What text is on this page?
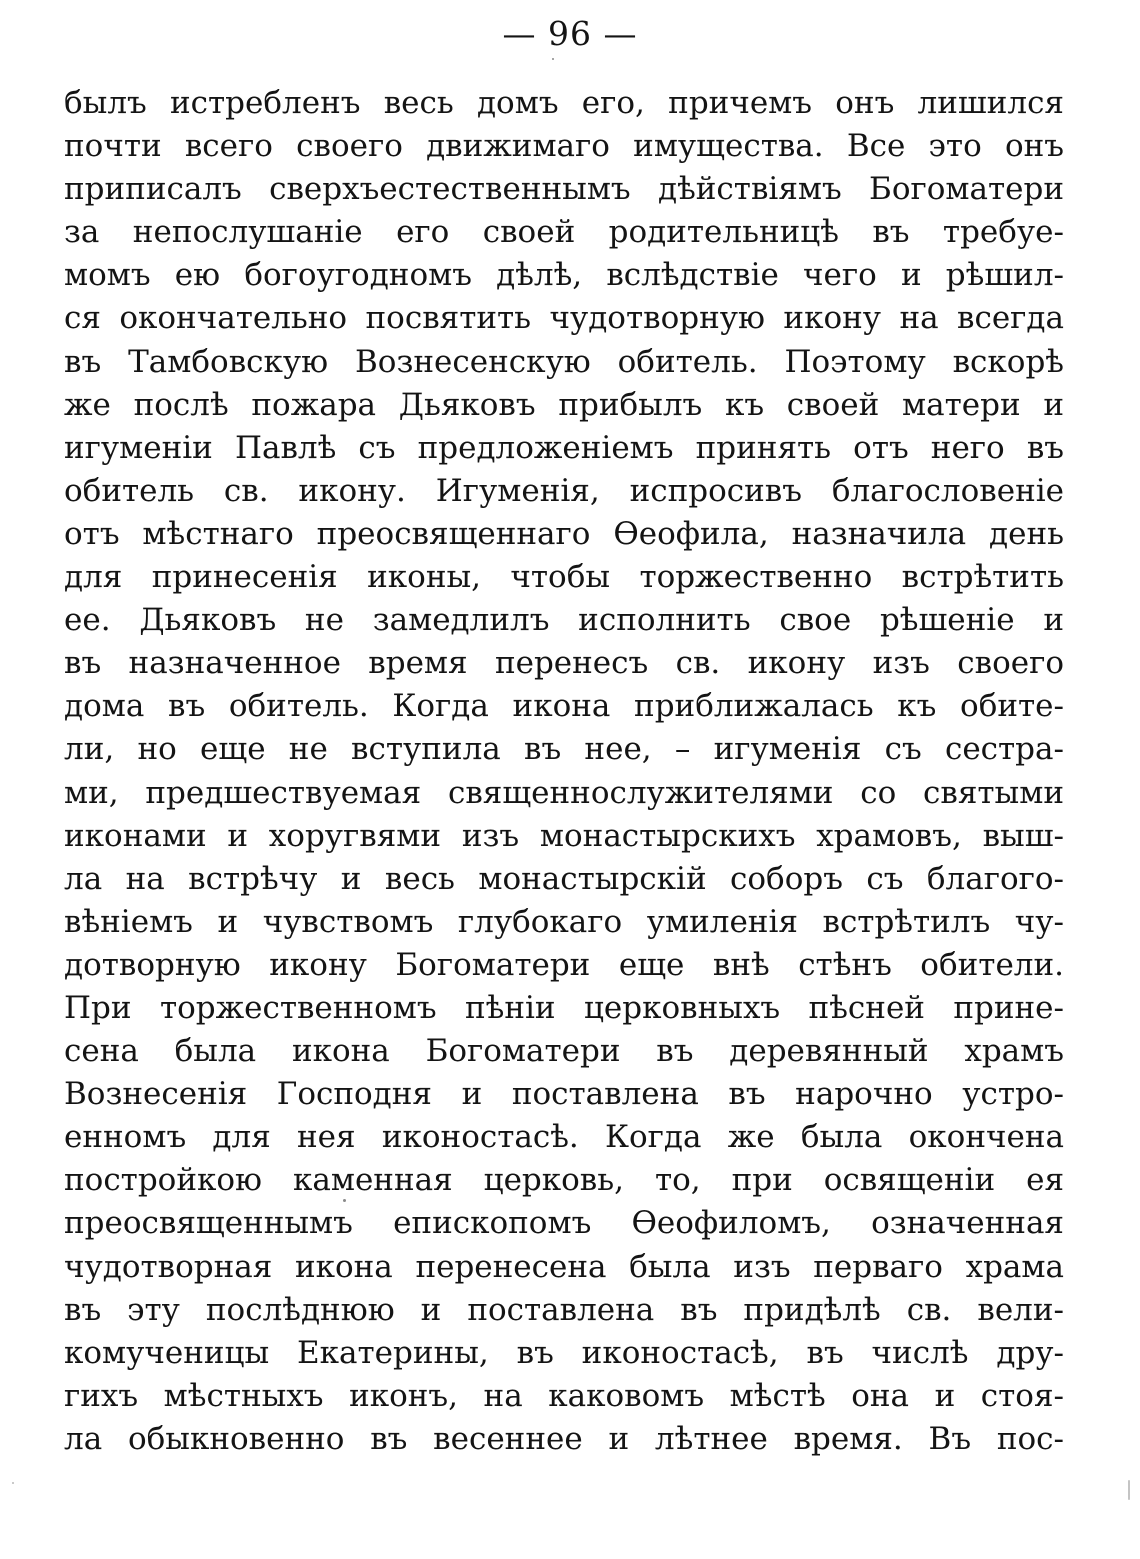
— 96 —
былъ истребленъ весь домъ его, причемъ онъ лишился
почти всего своего движимаго имущества. Все это онъ
приписалъ сверхъестественнымъ дѣйствіямъ Богоматери
за непослушаніе его своей родительницѣ въ требуе-
момъ ею богоугодномъ дѣлѣ, вслѣдствіе чего и рѣшил-
ся окончательно посвятить чудотворную икону на всегда
въ Тамбовскую Вознесенскую обитель. Поэтому вскорѣ
же послѣ пожара Дьяковъ прибылъ къ своей матери и
игуменіи Павлѣ съ предложеніемъ принять отъ него въ
обитель св. икону. Игуменія, испросивъ благословеніе
отъ мѣстнаго преосвященнаго Ѳеофила, назначила день
для принесенія иконы, чтобы торжественно встрѣтить
ее. Дьяковъ не замедлилъ исполнить свое рѣшеніе и
въ назначенное время перенесъ св. икону изъ своего
дома въ обитель. Когда икона приближалась къ обите-
ли, но еще не вступила въ нее, – игуменія съ сестра-
ми, предшествуемая священнослужителями со святыми
иконами и хоругвями изъ монастырскихъ храмовъ, выш-
ла на встрѣчу и весь монастырскій соборъ съ благого-
вѣніемъ и чувствомъ глубокаго умиленія встрѣтилъ чу-
дотворную икону Богоматери еще внѣ стѣнъ обители.
При торжественномъ пѣніи церковныхъ пѣсней прине-
сена была икона Богоматери въ деревянный храмъ
Вознесенія Господня и поставлена въ нарочно устро-
енномъ для нея иконостасѣ. Когда же была окончена
постройкою каменная церковь, то, при освященіи ея
преосвященнымъ епископомъ Ѳеофиломъ, означенная
чудотворная икона перенесена была изъ перваго храма
въ эту послѣднюю и поставлена въ придѣлѣ св. вели-
комученицы Екатерины, въ иконостасѣ, въ числѣ дру-
гихъ мѣстныхъ иконъ, на каковомъ мѣстѣ она и стоя-
ла обыкновенно въ весеннее и лѣтнее время. Въ пос-
